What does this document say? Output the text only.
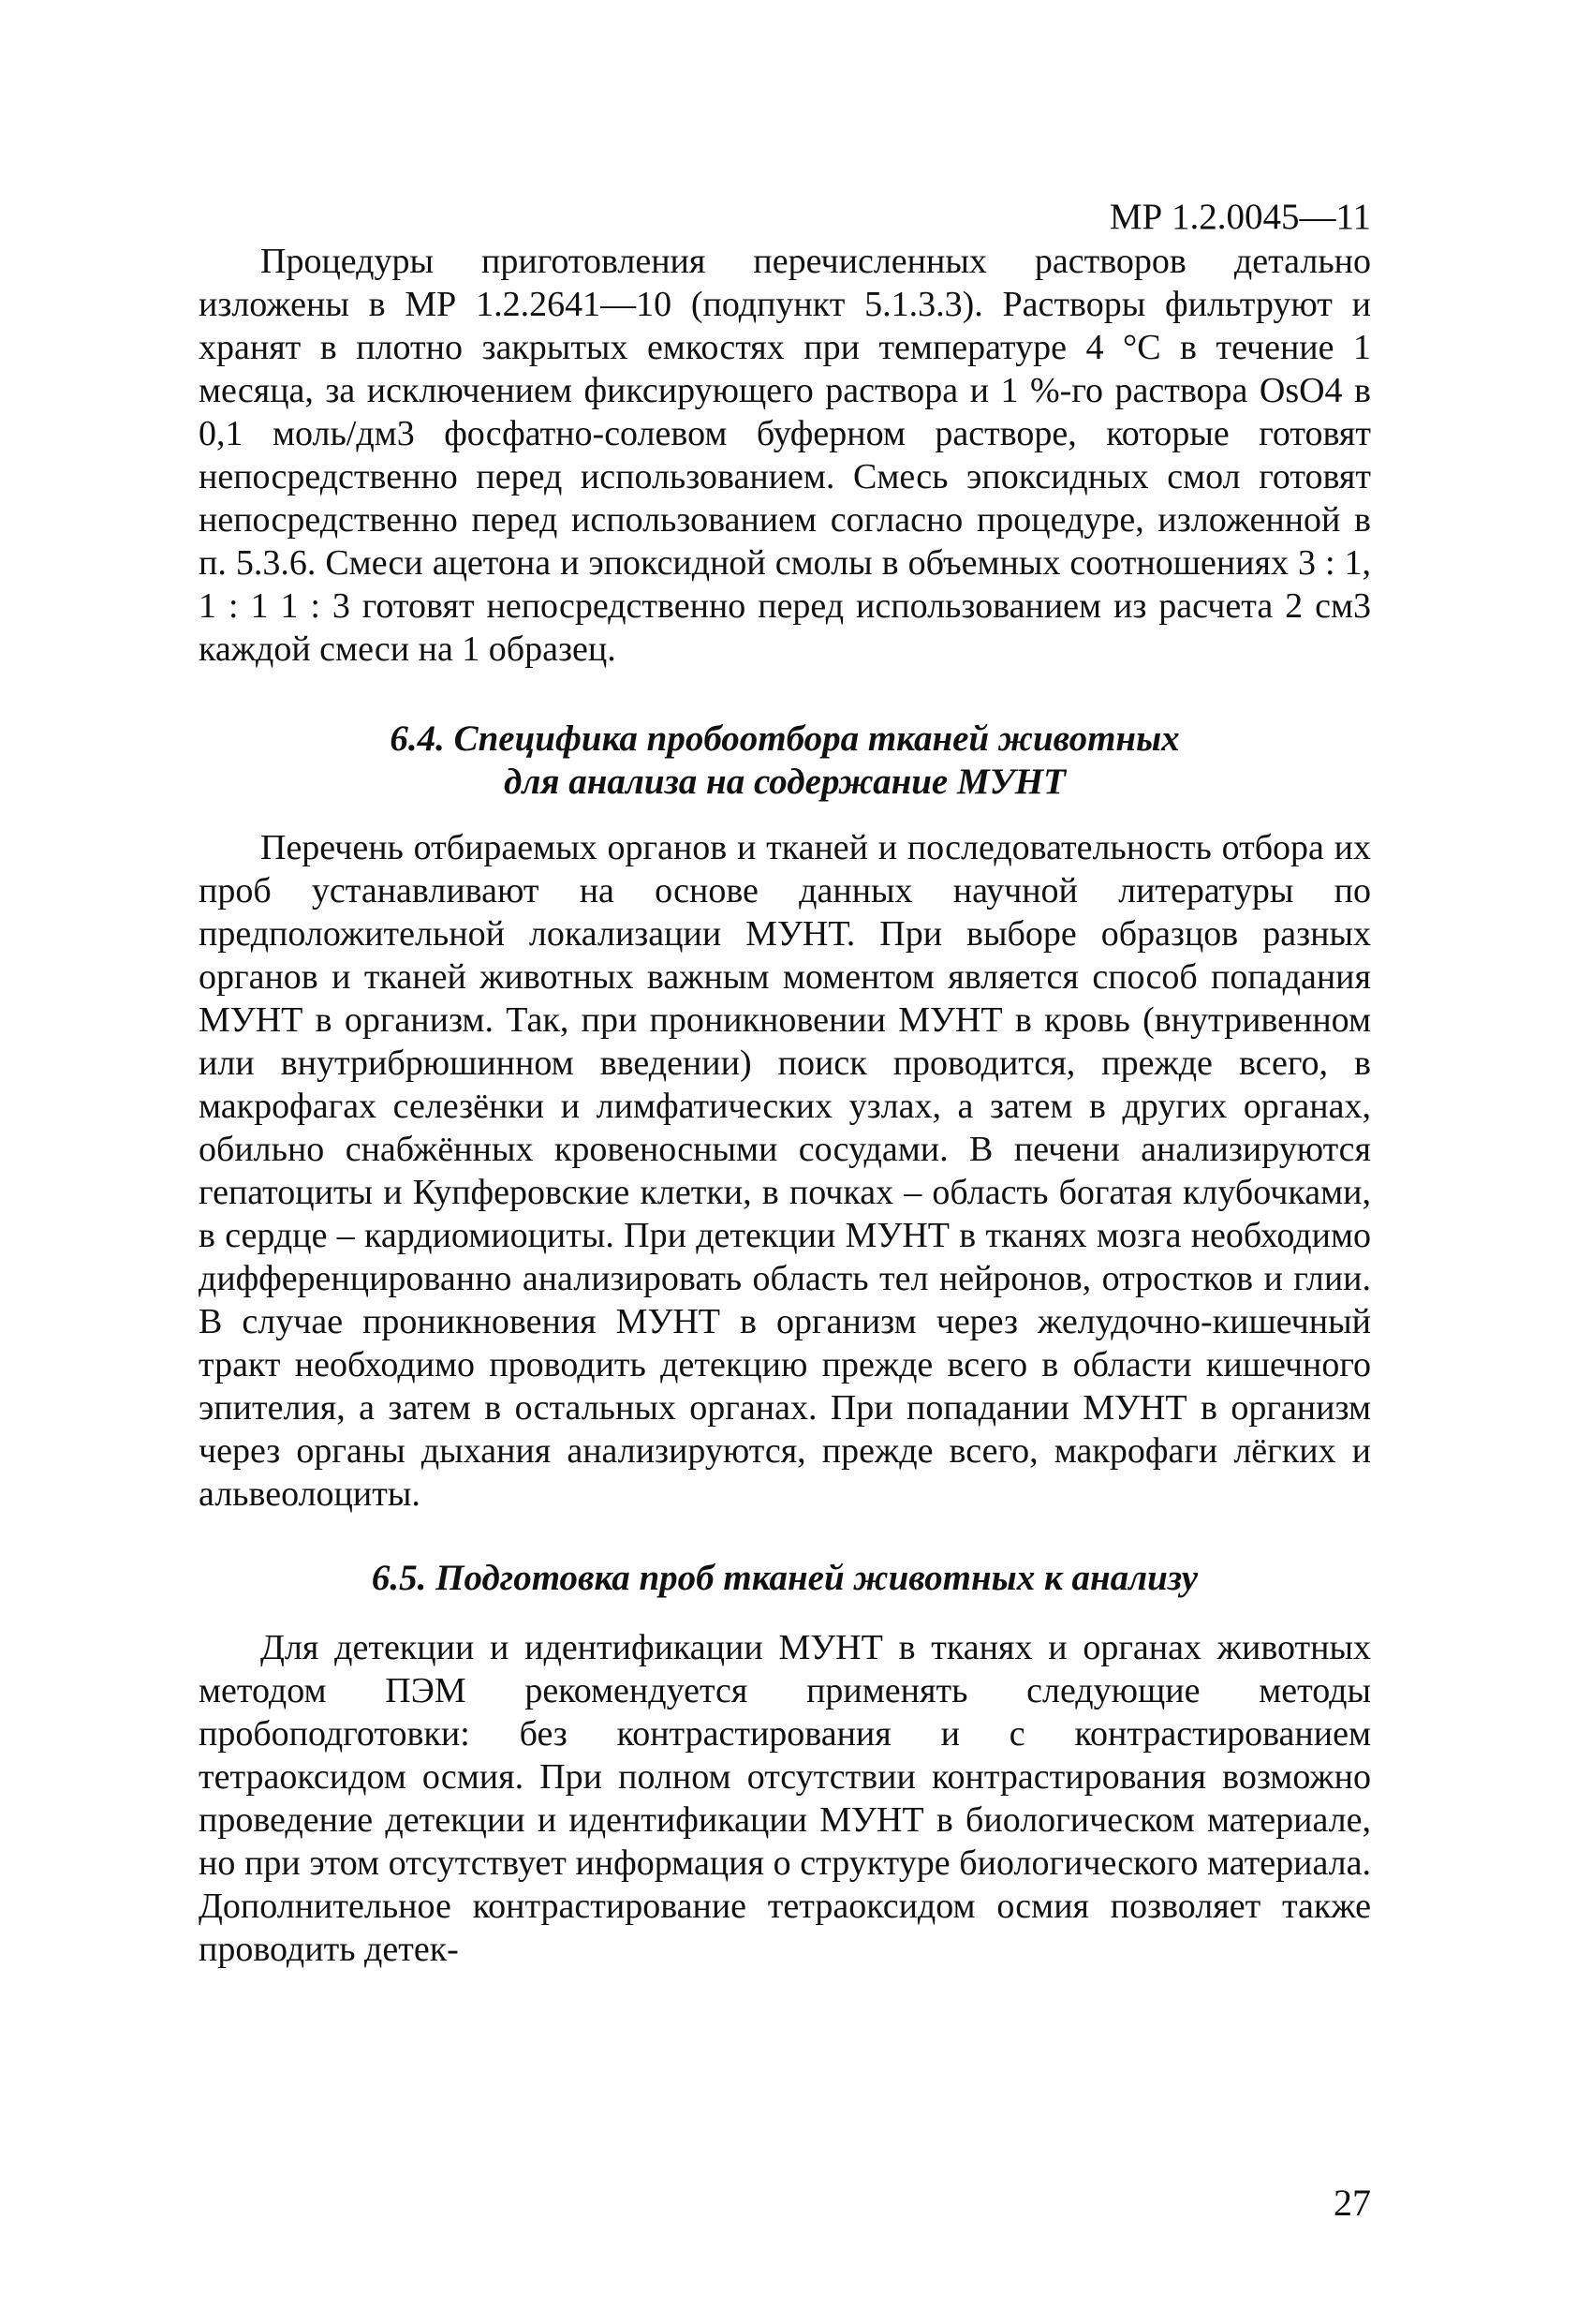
МР 1.2.0045—11

Процедуры приготовления перечисленных растворов детально изложены в МР 1.2.2641—10 (подпункт 5.1.3.3). Растворы фильтруют и хранят в плотно закрытых емкостях при температуре 4 °С в течение 1 месяца, за исключением фиксирующего раствора и 1 %-го раствора OsO4 в 0,1 моль/дм3 фосфатно-солевом буферном растворе, которые готовят непосредственно перед использованием. Смесь эпоксидных смол готовят непосредственно перед использованием согласно процедуре, изложенной в п. 5.3.6. Смеси ацетона и эпоксидной смолы в объемных соотношениях 3 : 1, 1 : 1 1 : 3 готовят непосредственно перед использованием из расчета 2 см3 каждой смеси на 1 образец.

6.4. Специфика пробоотбора тканей животных
для анализа на содержание МУНТ

Перечень отбираемых органов и тканей и последовательность отбора их проб устанавливают на основе данных научной литературы по предположительной локализации МУНТ. При выборе образцов разных органов и тканей животных важным моментом является способ попадания МУНТ в организм. Так, при проникновении МУНТ в кровь (внутривенном или внутрибрюшинном введении) поиск проводится, прежде всего, в макрофагах селезёнки и лимфатических узлах, а затем в других органах, обильно снабжённых кровеносными сосудами. В печени анализируются гепатоциты и Купферовские клетки, в почках – область богатая клубочками, в сердце – кардиомиоциты. При детекции МУНТ в тканях мозга необходимо дифференцированно анализировать область тел нейронов, отростков и глии. В случае проникновения МУНТ в организм через желудочно-кишечный тракт необходимо проводить детекцию прежде всего в области кишечного эпителия, а затем в остальных органах. При попадании МУНТ в организм через органы дыхания анализируются, прежде всего, макрофаги лёгких и альвеолоциты.

6.5. Подготовка проб тканей животных к анализу

Для детекции и идентификации МУНТ в тканях и органах животных методом ПЭМ рекомендуется применять следующие методы пробоподготовки: без контрастирования и с контрастированием тетраоксидом осмия. При полном отсутствии контрастирования возможно проведение детекции и идентификации МУНТ в биологическом материале, но при этом отсутствует информация о структуре биологического материала. Дополнительное контрастирование тетраоксидом осмия позволяет также проводить детек-

27
